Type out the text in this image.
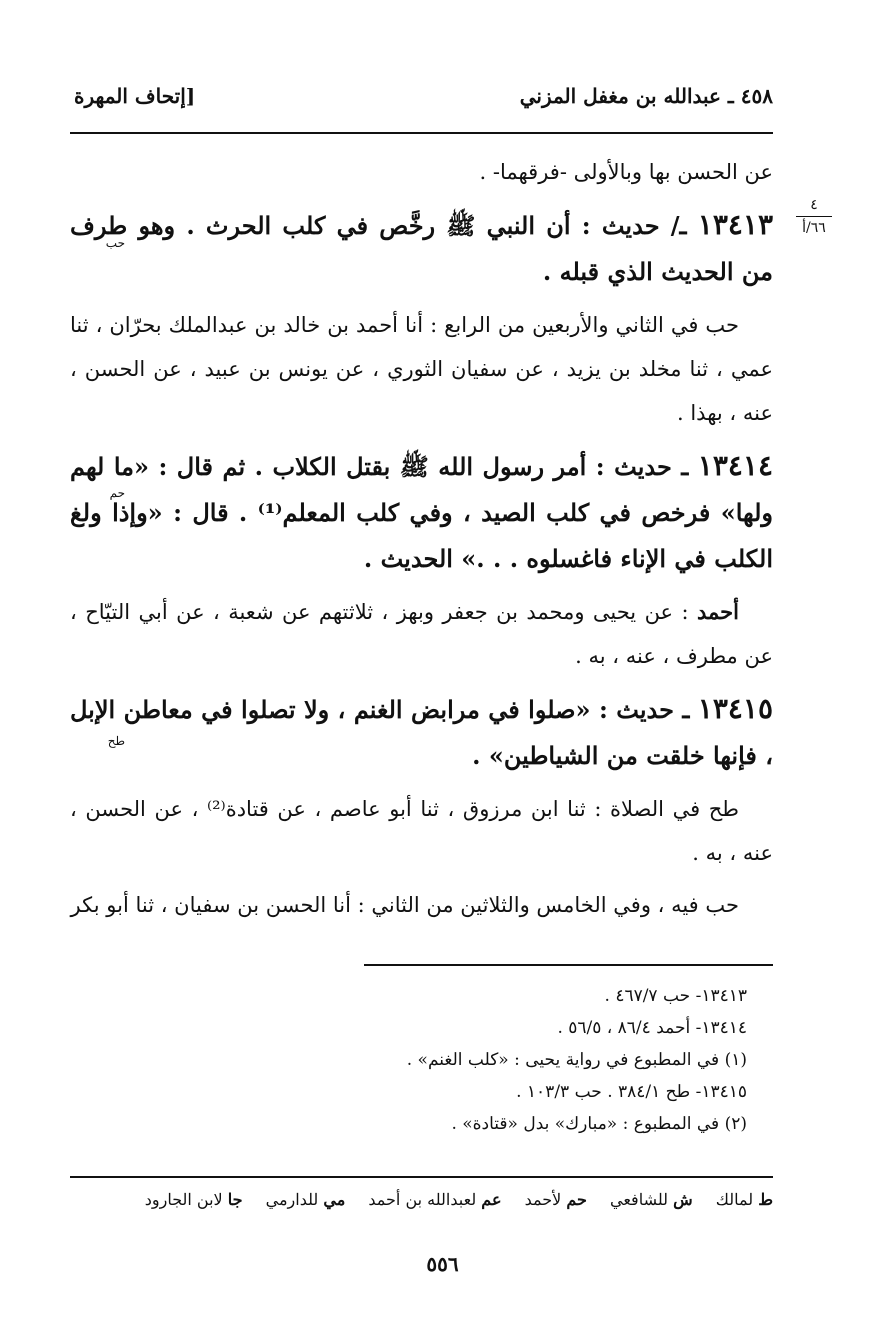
٤٥٨ ـ عبدالله بن مغفل المزني
[إتحاف المهرة
٤
٦٦/أ
حب
حم
طح

عن الحسن بها وبالأولى -فرقهما- .

١٣٤١٣ ـ/ حديث : أن النبي ﷺ رخَّص في كلب الحرث . وهو طرف من الحديث الذي قبله .

حب في الثاني والأربعين من الرابع : أنا أحمد بن خالد بن عبدالملك بحرّان ، ثنا عمي ، ثنا مخلد بن يزيد ، عن سفيان الثوري ، عن يونس بن عبيد ، عن الحسن ، عنه ، بهذا .

١٣٤١٤ ـ حديث : أمر رسول الله ﷺ بقتل الكلاب . ثم قال : «ما لهم ولها» فرخص في كلب الصيد ، وفي كلب المعلم⁽¹⁾ . قال : «وإذا ولغ الكلب في الإناء فاغسلوه . . .» الحديث .

أحمد : عن يحيى ومحمد بن جعفر وبهز ، ثلاثتهم عن شعبة ، عن أبي التيّاح ، عن مطرف ، عنه ، به .

١٣٤١٥ ـ حديث : «صلوا في مرابض الغنم ، ولا تصلوا في معاطن الإبل ، فإنها خلقت من الشياطين» .

طح في الصلاة : ثنا ابن مرزوق ، ثنا أبو عاصم ، عن قتادة⁽²⁾ ، عن الحسن ، عنه ، به .

حب فيه ، وفي الخامس والثلاثين من الثاني : أنا الحسن بن سفيان ، ثنا أبو بكر

١٣٤١٣- حب ٤٦٧/٧ .
١٣٤١٤- أحمد ٨٦/٤ ، ٥٦/٥ .
(١) في المطبوع في رواية يحيى : «كلب الغنم» .
١٣٤١٥- طح ٣٨٤/١ . حب ١٠٣/٣ .
(٢) في المطبوع : «مبارك» بدل «قتادة» .
ط لمالك ش للشافعي حم لأحمد عم لعبدالله بن أحمد مي للدارمي جا لابن الجارود
٥٥٦
